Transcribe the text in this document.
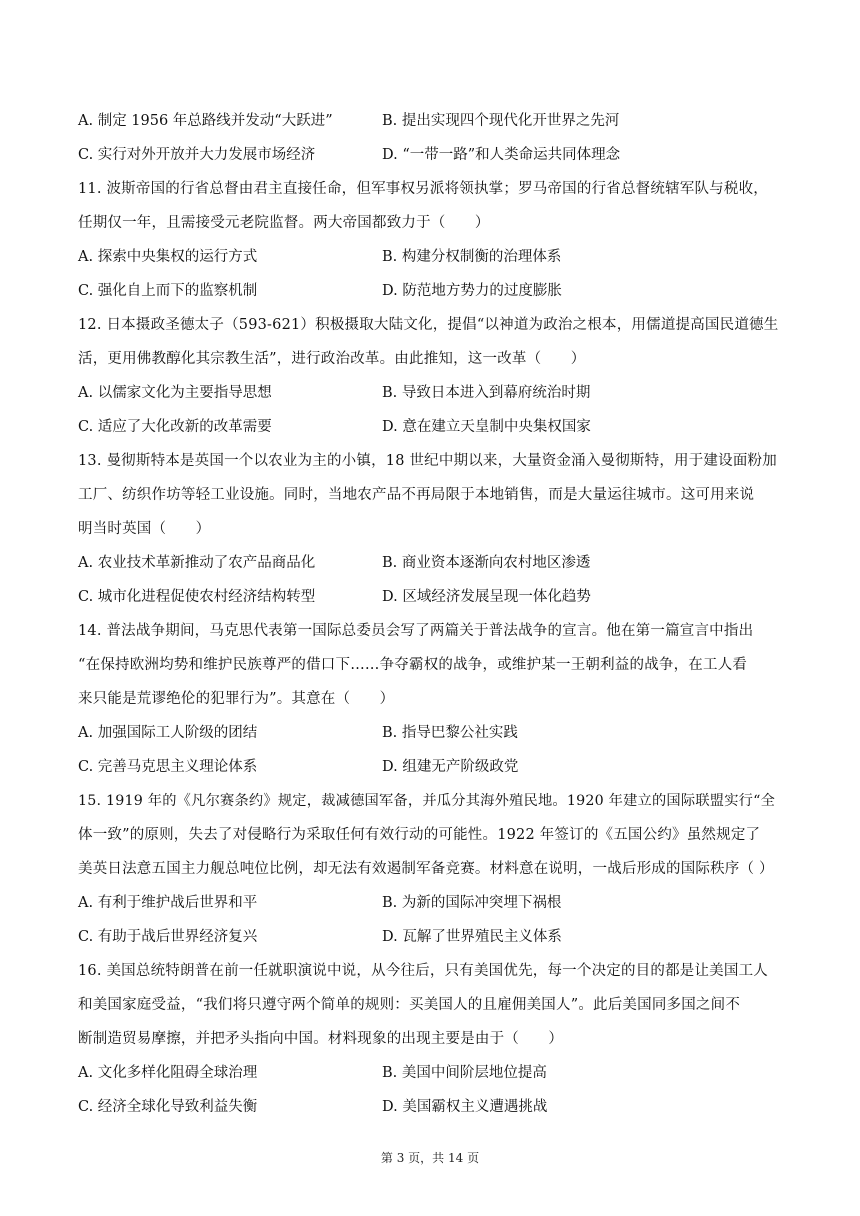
A. 制定 1956 年总路线并发动“大跃进”	B. 提出实现四个现代化开世界之先河
C. 实行对外开放并大力发展市场经济	D. “一带一路”和人类命运共同体理念
11. 波斯帝国的行省总督由君主直接任命，但军事权另派将领执掌；罗马帝国的行省总督统辖军队与税收，
任期仅一年，且需接受元老院监督。两大帝国都致力于（　　）
A. 探索中央集权的运行方式	B. 构建分权制衡的治理体系
C. 强化自上而下的监察机制	D. 防范地方势力的过度膨胀
12. 日本摄政圣德太子（593-621）积极摄取大陆文化，提倡“以神道为政治之根本，用儒道提高国民道德生
活，更用佛教醇化其宗教生活”，进行政治改革。由此推知，这一改革（　　）
A. 以儒家文化为主要指导思想	B. 导致日本进入到幕府统治时期
C. 适应了大化改新的改革需要	D. 意在建立天皇制中央集权国家
13. 曼彻斯特本是英国一个以农业为主的小镇，18 世纪中期以来，大量资金涌入曼彻斯特，用于建设面粉加
工厂、纺织作坊等轻工业设施。同时，当地农产品不再局限于本地销售，而是大量运往城市。这可用来说
明当时英国（　　）
A. 农业技术革新推动了农产品商品化	B. 商业资本逐渐向农村地区渗透
C. 城市化进程促使农村经济结构转型	D. 区域经济发展呈现一体化趋势
14. 普法战争期间，马克思代表第一国际总委员会写了两篇关于普法战争的宣言。他在第一篇宣言中指出
“在保持欧洲均势和维护民族尊严的借口下……争夺霸权的战争，或维护某一王朝利益的战争，在工人看
来只能是荒谬绝伦的犯罪行为”。其意在（　　）
A. 加强国际工人阶级的团结	B. 指导巴黎公社实践
C. 完善马克思主义理论体系	D. 组建无产阶级政党
15. 1919 年的《凡尔赛条约》规定，裁减德国军备，并瓜分其海外殖民地。1920 年建立的国际联盟实行“全
体一致”的原则，失去了对侵略行为采取任何有效行动的可能性。1922 年签订的《五国公约》虽然规定了
美英日法意五国主力舰总吨位比例，却无法有效遏制军备竞赛。材料意在说明，一战后形成的国际秩序（ ）
A. 有利于维护战后世界和平	B. 为新的国际冲突埋下祸根
C. 有助于战后世界经济复兴	D. 瓦解了世界殖民主义体系
16. 美国总统特朗普在前一任就职演说中说，从今往后，只有美国优先，每一个决定的目的都是让美国工人
和美国家庭受益，“我们将只遵守两个简单的规则：买美国人的且雇佣美国人”。此后美国同多国之间不
断制造贸易摩擦，并把矛头指向中国。材料现象的出现主要是由于（　　）
A. 文化多样化阻碍全球治理	B. 美国中间阶层地位提高
C. 经济全球化导致利益失衡	D. 美国霸权主义遭遇挑战
第 3 页，共 14 页
